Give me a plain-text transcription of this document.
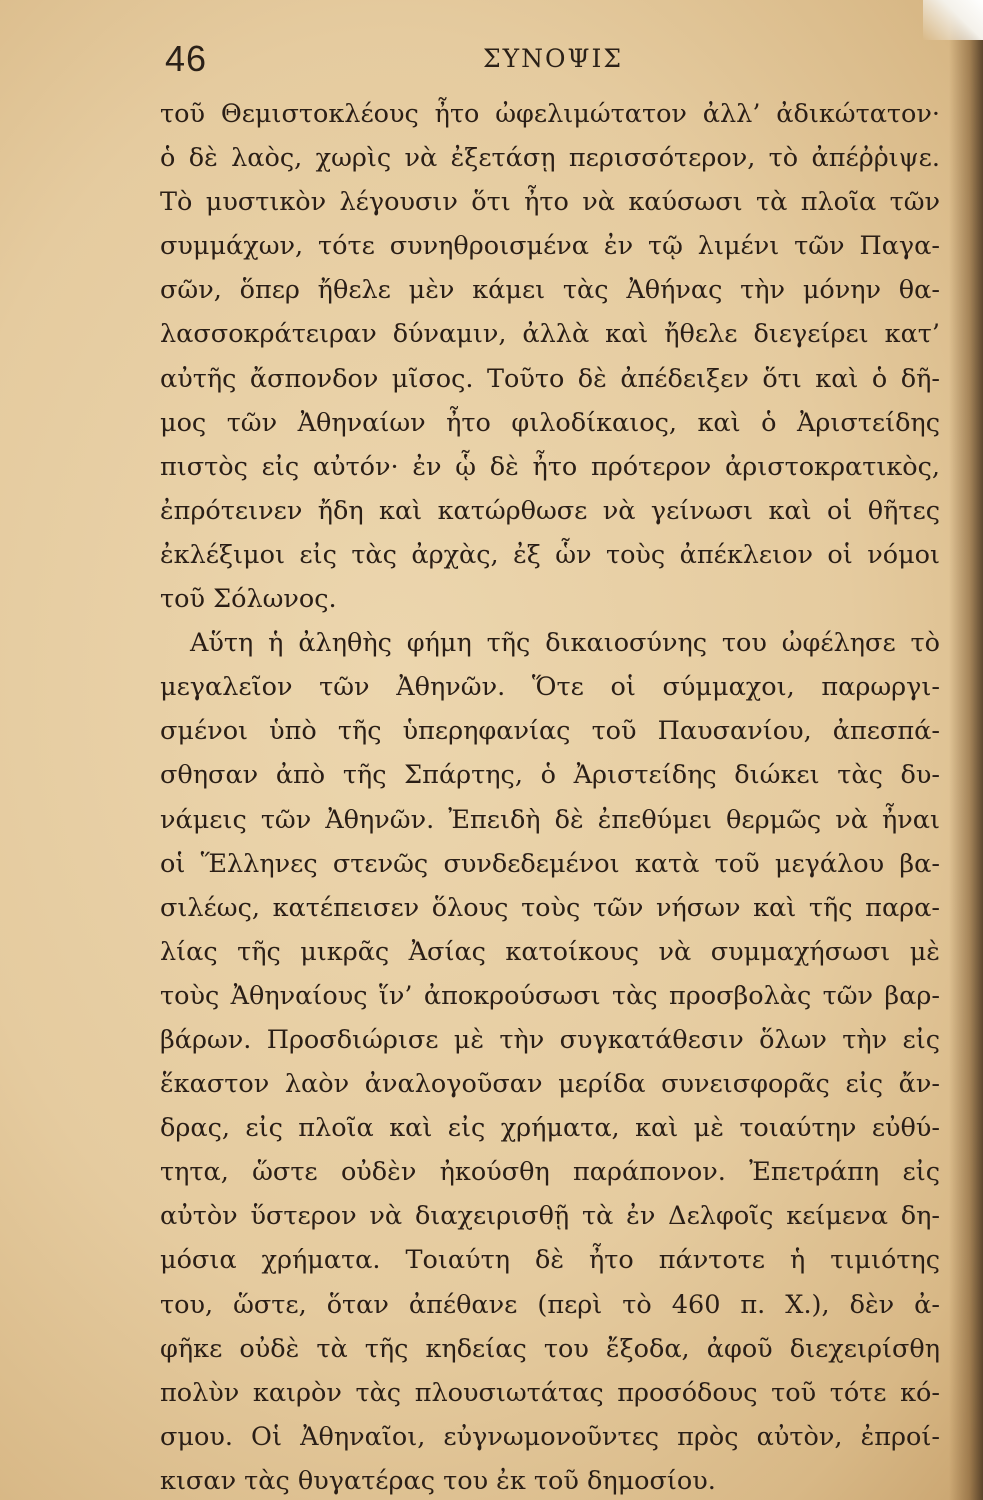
46	ΣΥΝΟΨΙΣ
τοῦ Θεμιστοκλέους ἦτο ὠφελιμώτατον ἀλλ’ ἀδικώτατον·
ὁ δὲ λαὸς, χωρὶς νὰ ἐξετάσῃ περισσότερον, τὸ ἀπέῤῥιψε.
Τὸ μυστικὸν λέγουσιν ὅτι ἦτο νὰ καύσωσι τὰ πλοῖα τῶν
συμμάχων, τότε συνηθροισμένα ἐν τῷ λιμένι τῶν Παγα-
σῶν, ὅπερ ἤθελε μὲν κάμει τὰς Ἀθήνας τὴν μόνην θα-
λασσοκράτειραν δύναμιν, ἀλλὰ καὶ ἤθελε διεγείρει κατ’
αὐτῆς ἄσπονδον μῖσος. Τοῦτο δὲ ἀπέδειξεν ὅτι καὶ ὁ δῆ-
μος τῶν Ἀθηναίων ἦτο φιλοδίκαιος, καὶ ὁ Ἀριστείδης
πιστὸς εἰς αὐτόν· ἐν ᾧ δὲ ἦτο πρότερον ἀριστοκρατικὸς,
ἐπρότεινεν ἤδη καὶ κατώρθωσε νὰ γείνωσι καὶ οἱ θῆτες
ἐκλέξιμοι εἰς τὰς ἀρχὰς, ἐξ ὧν τοὺς ἀπέκλειον οἱ νόμοι
τοῦ Σόλωνος.
Αὕτη ἡ ἀληθὴς φήμη τῆς δικαιοσύνης του ὠφέλησε τὸ
μεγαλεῖον τῶν Ἀθηνῶν. Ὅτε οἱ σύμμαχοι, παρωργι-
σμένοι ὑπὸ τῆς ὑπερηφανίας τοῦ Παυσανίου, ἀπεσπά-
σθησαν ἀπὸ τῆς Σπάρτης, ὁ Ἀριστείδης διώκει τὰς δυ-
νάμεις τῶν Ἀθηνῶν. Ἐπειδὴ δὲ ἐπεθύμει θερμῶς νὰ ἦναι
οἱ Ἕλληνες στενῶς συνδεδεμένοι κατὰ τοῦ μεγάλου βα-
σιλέως, κατέπεισεν ὅλους τοὺς τῶν νήσων καὶ τῆς παρα-
λίας τῆς μικρᾶς Ἀσίας κατοίκους νὰ συμμαχήσωσι μὲ
τοὺς Ἀθηναίους ἵν’ ἀποκρούσωσι τὰς προσβολὰς τῶν βαρ-
βάρων. Προσδιώρισε μὲ τὴν συγκατάθεσιν ὅλων τὴν εἰς
ἕκαστον λαὸν ἀναλογοῦσαν μερίδα συνεισφορᾶς εἰς ἄν-
δρας, εἰς πλοῖα καὶ εἰς χρήματα, καὶ μὲ τοιαύτην εὐθύ-
τητα, ὥστε οὐδὲν ἠκούσθη παράπονον. Ἐπετράπη εἰς
αὐτὸν ὕστερον νὰ διαχειρισθῇ τὰ ἐν Δελφοῖς κείμενα δη-
μόσια χρήματα. Τοιαύτη δὲ ἦτο πάντοτε ἡ τιμιότης
του, ὥστε, ὅταν ἀπέθανε (περὶ τὸ 460 π. Χ.), δὲν ἀ-
φῆκε οὐδὲ τὰ τῆς κηδείας του ἔξοδα, ἀφοῦ διεχειρίσθη
πολὺν καιρὸν τὰς πλουσιωτάτας προσόδους τοῦ τότε κό-
σμου. Οἱ Ἀθηναῖοι, εὐγνωμονοῦντες πρὸς αὐτὸν, ἐπροί-
κισαν τὰς θυγατέρας του ἐκ τοῦ δημοσίου.
